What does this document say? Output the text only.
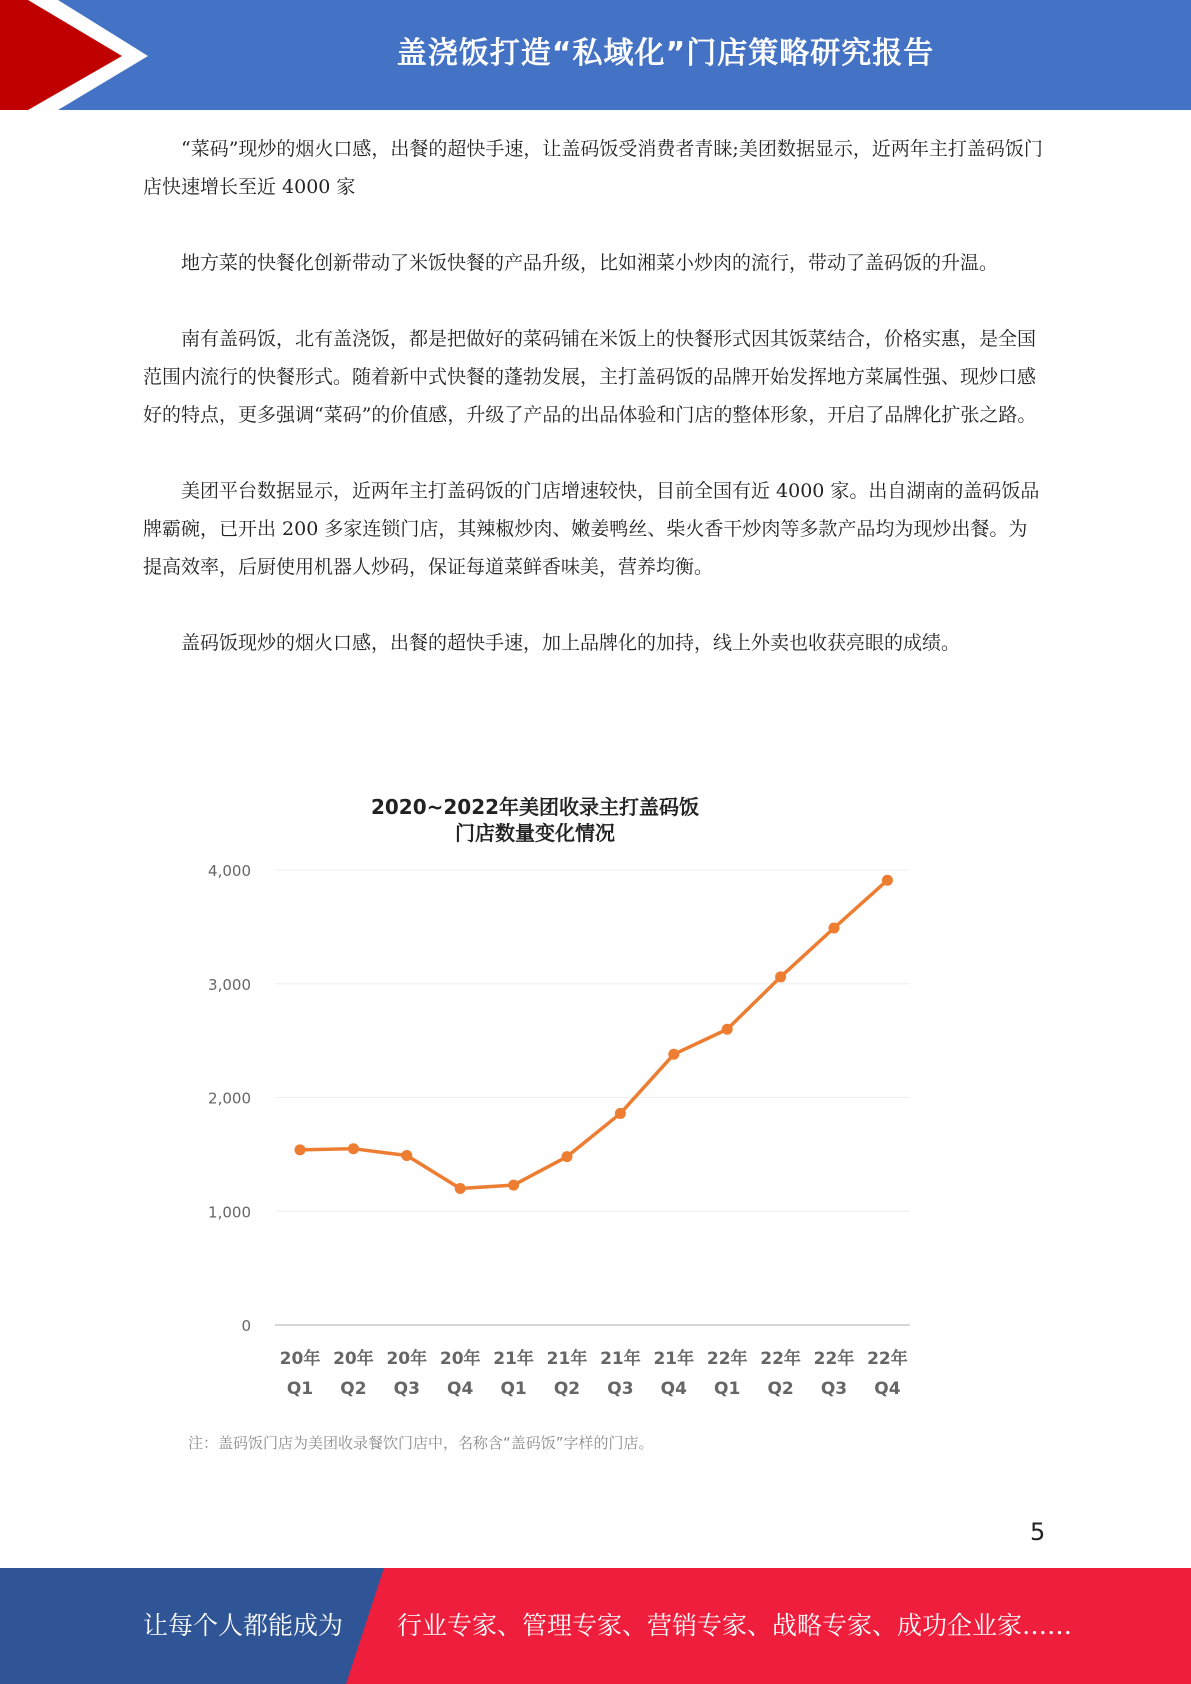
盖浇饭打造“私域化”门店策略研究报告

“菜码”现炒的烟火口感，出餐的超快手速，让盖码饭受消费者青睐;美团数据显示，近两年主打盖码饭门店快速增长至近 4000 家

地方菜的快餐化创新带动了米饭快餐的产品升级，比如湘菜小炒肉的流行，带动了盖码饭的升温。

南有盖码饭，北有盖浇饭，都是把做好的菜码铺在米饭上的快餐形式因其饭菜结合，价格实惠，是全国范围内流行的快餐形式。随着新中式快餐的蓬勃发展，主打盖码饭的品牌开始发挥地方菜属性强、现炒口感好的特点，更多强调“菜码”的价值感，升级了产品的出品体验和门店的整体形象，开启了品牌化扩张之路。

美团平台数据显示，近两年主打盖码饭的门店增速较快，目前全国有近 4000 家。出自湖南的盖码饭品牌霸碗，已开出 200 多家连锁门店，其辣椒炒肉、嫩姜鸭丝、柴火香干炒肉等多款产品均为现炒出餐。为提高效率，后厨使用机器人炒码，保证每道菜鲜香味美，营养均衡。

盖码饭现炒的烟火口感，出餐的超快手速，加上品牌化的加持，线上外卖也收获亮眼的成绩。

2020~2022年美团收录主打盖码饭
门店数量变化情况
0
1,000
2,000
3,000
4,000
20年
Q1
20年
Q2
20年
Q3
20年
Q4
21年
Q1
21年
Q2
21年
Q3
21年
Q4
22年
Q1
22年
Q2
22年
Q3
22年
Q4
注：盖码饭门店为美团收录餐饮门店中，名称含“盖码饭”字样的门店。
5
让每个人都能成为 行业专家、管理专家、营销专家、战略专家、成功企业家……
